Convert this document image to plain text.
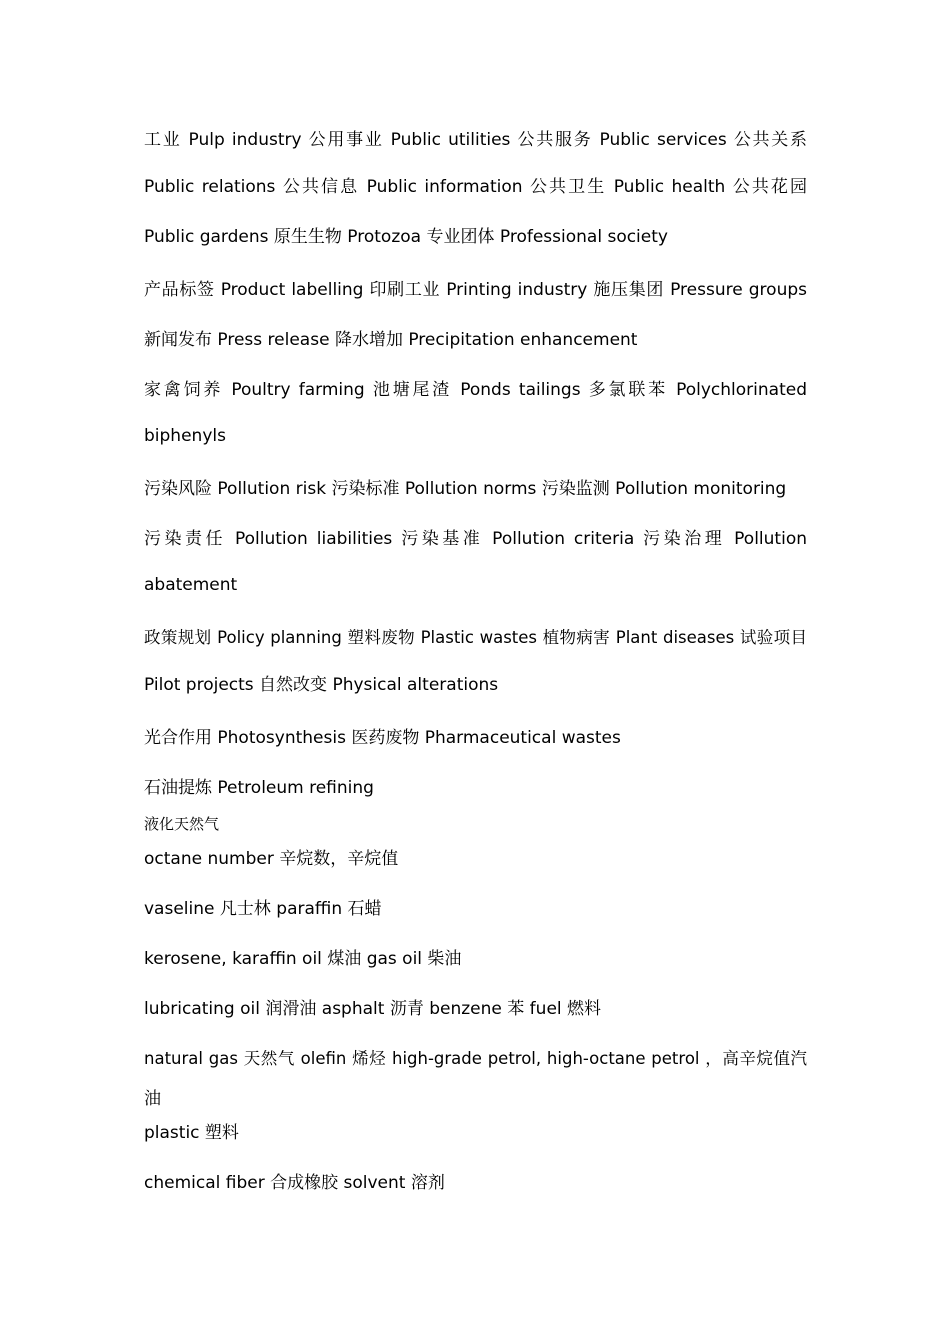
工业 Pulp industry 公用事业 Public utilities 公共服务 Public services 公共关系
Public relations 公共信息 Public information 公共卫生 Public health 公共花园
Public gardens 原生生物 Protozoa 专业团体 Professional society
产品标签 Product labelling 印刷工业 Printing industry 施压集团 Pressure groups
新闻发布 Press release 降水增加 Precipitation enhancement
家禽饲养 Poultry farming 池塘尾渣 Ponds tailings 多氯联苯 Polychlorinated
biphenyls
污染风险 Pollution risk 污染标准 Pollution norms 污染监测 Pollution monitoring
污染责任 Pollution liabilities 污染基准 Pollution criteria 污染治理 Pollution
abatement
政策规划 Policy planning 塑料废物 Plastic wastes 植物病害 Plant diseases 试验项目
Pilot projects 自然改变 Physical alterations
光合作用 Photosynthesis 医药废物 Pharmaceutical wastes
石油提炼 Petroleum refining
液化天然气
octane number 辛烷数，辛烷值
vaseline 凡士林 paraffin 石蜡
kerosene, karaffin oil 煤油 gas oil 柴油
lubricating oil 润滑油 asphalt 沥青 benzene 苯 fuel 燃料
natural gas 天然气 olefin 烯烃 high-grade petrol, high-octane petrol ，高辛烷值汽
油
plastic 塑料
chemical fiber 合成橡胶 solvent 溶剂
